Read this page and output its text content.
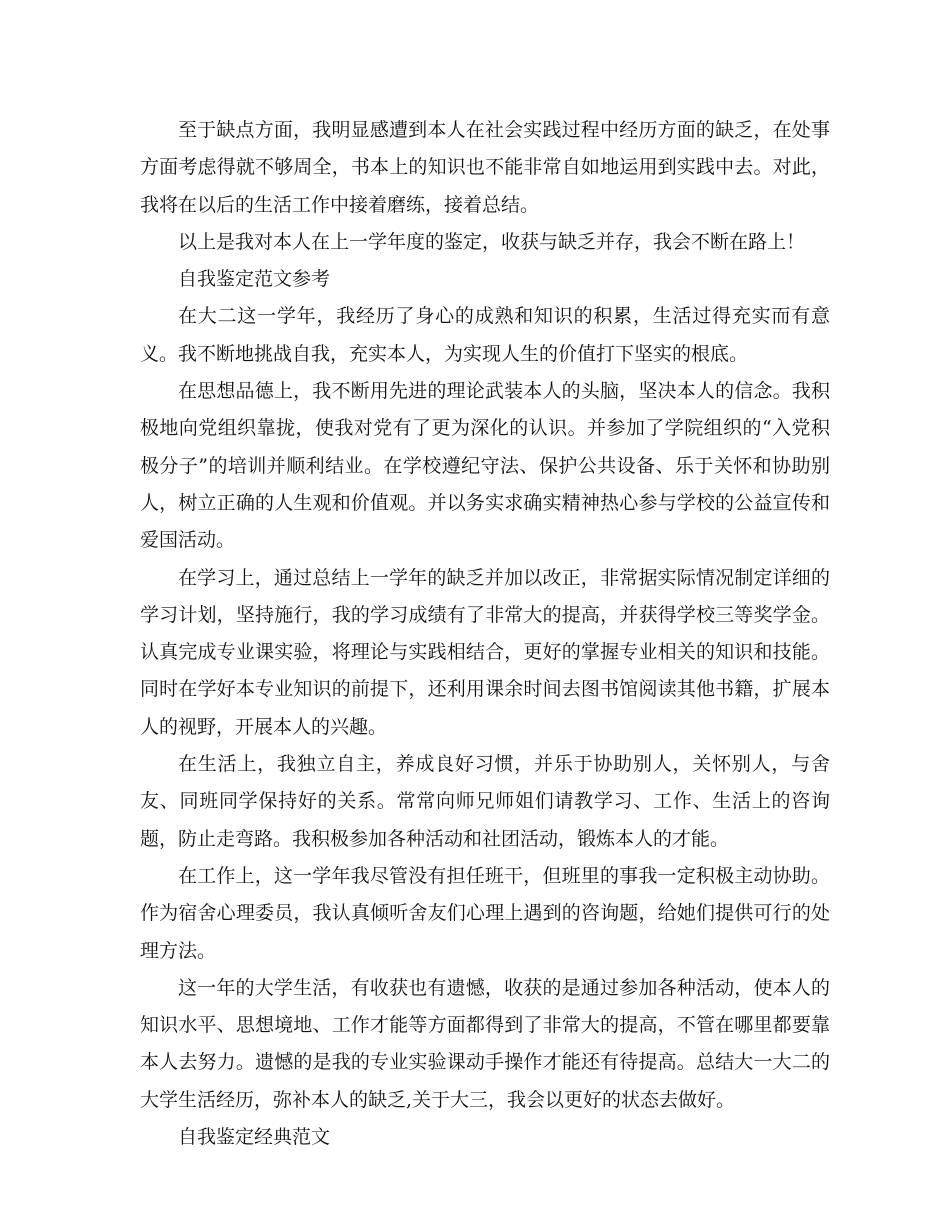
至于缺点方面，我明显感遭到本人在社会实践过程中经历方面的缺乏，在处事方面考虑得就不够周全，书本上的知识也不能非常自如地运用到实践中去。对此，我将在以后的生活工作中接着磨练，接着总结。

以上是我对本人在上一学年度的鉴定，收获与缺乏并存，我会不断在路上！

自我鉴定范文参考

在大二这一学年，我经历了身心的成熟和知识的积累，生活过得充实而有意义。我不断地挑战自我，充实本人，为实现人生的价值打下坚实的根底。

在思想品德上，我不断用先进的理论武装本人的头脑，坚决本人的信念。我积极地向党组织靠拢，使我对党有了更为深化的认识。并参加了学院组织的“入党积极分子”的培训并顺利结业。在学校遵纪守法、保护公共设备、乐于关怀和协助别人，树立正确的人生观和价值观。并以务实求确实精神热心参与学校的公益宣传和爱国活动。

在学习上，通过总结上一学年的缺乏并加以改正，非常据实际情况制定详细的学习计划，坚持施行，我的学习成绩有了非常大的提高，并获得学校三等奖学金。认真完成专业课实验，将理论与实践相结合，更好的掌握专业相关的知识和技能。同时在学好本专业知识的前提下，还利用课余时间去图书馆阅读其他书籍，扩展本人的视野，开展本人的兴趣。

在生活上，我独立自主，养成良好习惯，并乐于协助别人，关怀别人，与舍友、同班同学保持好的关系。常常向师兄师姐们请教学习、工作、生活上的咨询题，防止走弯路。我积极参加各种活动和社团活动，锻炼本人的才能。

在工作上，这一学年我尽管没有担任班干，但班里的事我一定积极主动协助。作为宿舍心理委员，我认真倾听舍友们心理上遇到的咨询题，给她们提供可行的处理方法。

这一年的大学生活，有收获也有遗憾，收获的是通过参加各种活动，使本人的知识水平、思想境地、工作才能等方面都得到了非常大的提高，不管在哪里都要靠本人去努力。遗憾的是我的专业实验课动手操作才能还有待提高。总结大一大二的大学生活经历，弥补本人的缺乏,关于大三，我会以更好的状态去做好。

自我鉴定经典范文
